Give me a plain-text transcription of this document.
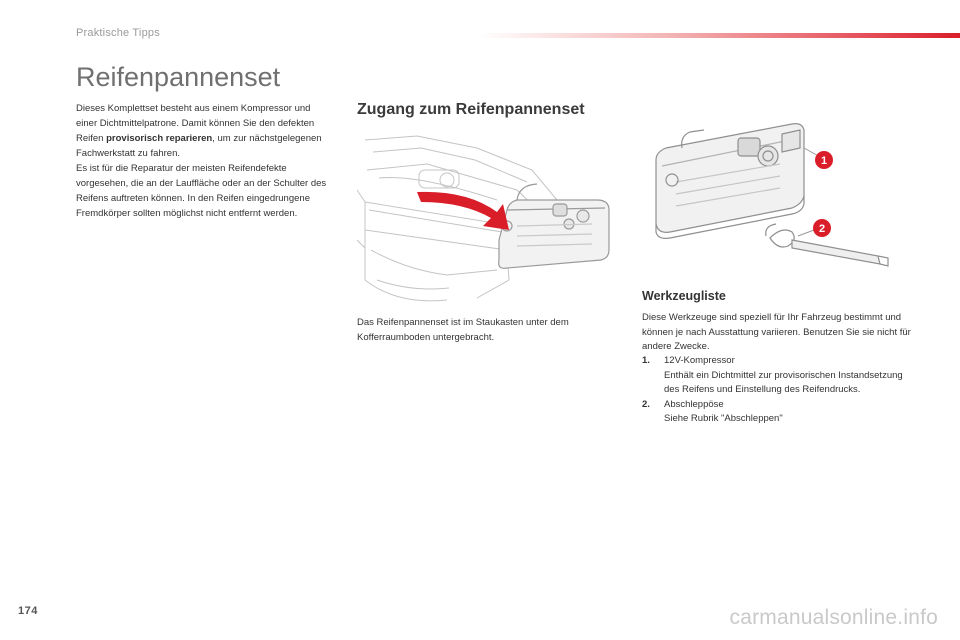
Praktische Tipps
Reifenpannenset

Dieses Komplettset besteht aus einem Kompressor und einer Dichtmittelpatrone. Damit können Sie den defekten Reifen provisorisch reparieren, um zur nächstgelegenen Fachwerkstatt zu fahren.
Es ist für die Reparatur der meisten Reifendefekte vorgesehen, die an der Lauffläche oder an der Schulter des Reifens auftreten können. In den Reifen eingedrungene Fremdkörper sollten möglichst nicht entfernt werden.

Zugang zum Reifenpannenset

Das Reifenpannenset ist im Staukasten unter dem Kofferraumboden untergebracht.

1
2
Werkzeugliste

Diese Werkzeuge sind speziell für Ihr Fahrzeug bestimmt und können je nach Ausstattung variieren. Benutzen Sie sie nicht für andere Zwecke.

1.	12V-Kompressor
Enthält ein Dichtmittel zur provisorischen Instandsetzung des Reifens und Einstellung des Reifendrucks.
2.	Abschleppöse
Siehe Rubrik "Abschleppen"
174	carmanualsonline.info
